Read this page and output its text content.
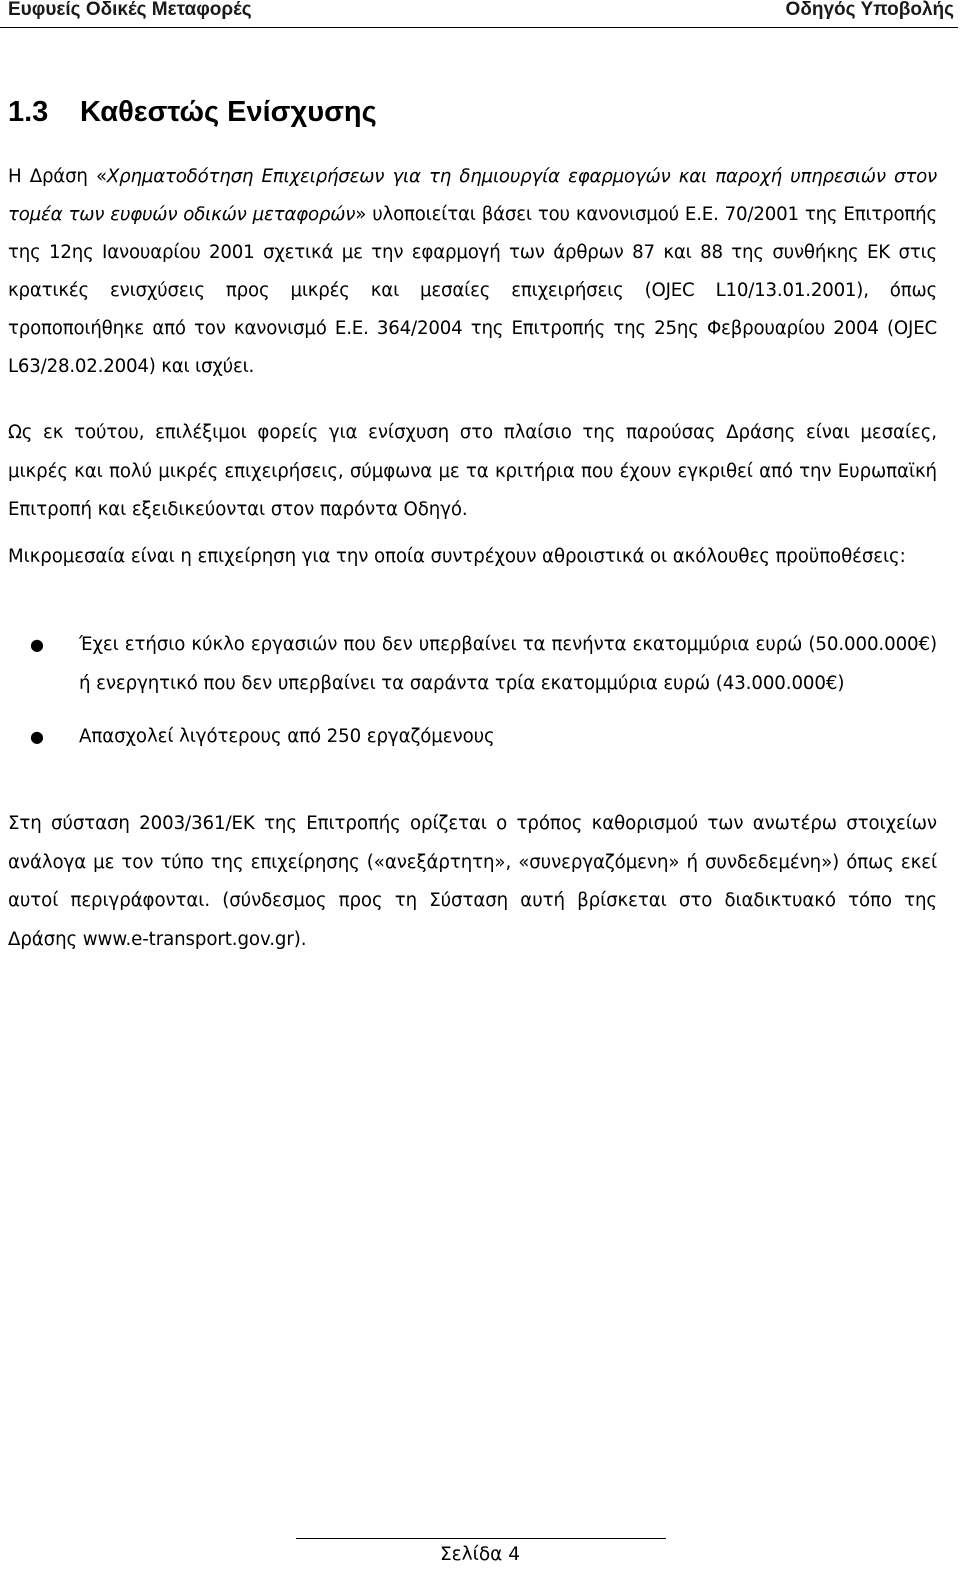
Ευφυείς Οδικές Μεταφορές	Οδηγός Υποβολής
1.3 Καθεστώς Ενίσχυσης

Η Δράση «Χρηματοδότηση Επιχειρήσεων για τη δημιουργία εφαρμογών και παροχή υπηρεσιών στον τομέα των ευφυών οδικών μεταφορών» υλοποιείται βάσει του κανονισμού Ε.Ε. 70/2001 της Επιτροπής της 12ης Ιανουαρίου 2001 σχετικά με την εφαρμογή των άρθρων 87 και 88 της συνθήκης ΕΚ στις κρατικές ενισχύσεις προς μικρές και μεσαίες επιχειρήσεις (OJEC L10/13.01.2001), όπως τροποποιήθηκε από τον κανονισμό Ε.Ε. 364/2004 της Επιτροπής της 25ης Φεβρουαρίου 2004 (OJEC L63/28.02.2004) και ισχύει.

Ως εκ τούτου, επιλέξιμοι φορείς για ενίσχυση στο πλαίσιο της παρούσας Δράσης είναι μεσαίες, μικρές και πολύ μικρές επιχειρήσεις, σύμφωνα με τα κριτήρια που έχουν εγκριθεί από την Ευρωπαϊκή Επιτροπή και εξειδικεύονται στον παρόντα Οδηγό.

Μικρομεσαία είναι η επιχείρηση για την οποία συντρέχουν αθροιστικά οι ακόλουθες προϋποθέσεις:

● Έχει ετήσιο κύκλο εργασιών που δεν υπερβαίνει τα πενήντα εκατομμύρια ευρώ (50.000.000€) ή ενεργητικό που δεν υπερβαίνει τα σαράντα τρία εκατομμύρια ευρώ (43.000.000€)
● Απασχολεί λιγότερους από 250 εργαζόμενους

Στη σύσταση 2003/361/ΕΚ της Επιτροπής ορίζεται ο τρόπος καθορισμού των ανωτέρω στοιχείων ανάλογα με τον τύπο της επιχείρησης («ανεξάρτητη», «συνεργαζόμενη» ή συνδεδεμένη») όπως εκεί αυτοί περιγράφονται. (σύνδεσμος προς τη Σύσταση αυτή βρίσκεται στο διαδικτυακό τόπο της Δράσης www.e-transport.gov.gr).

Σελίδα 4
